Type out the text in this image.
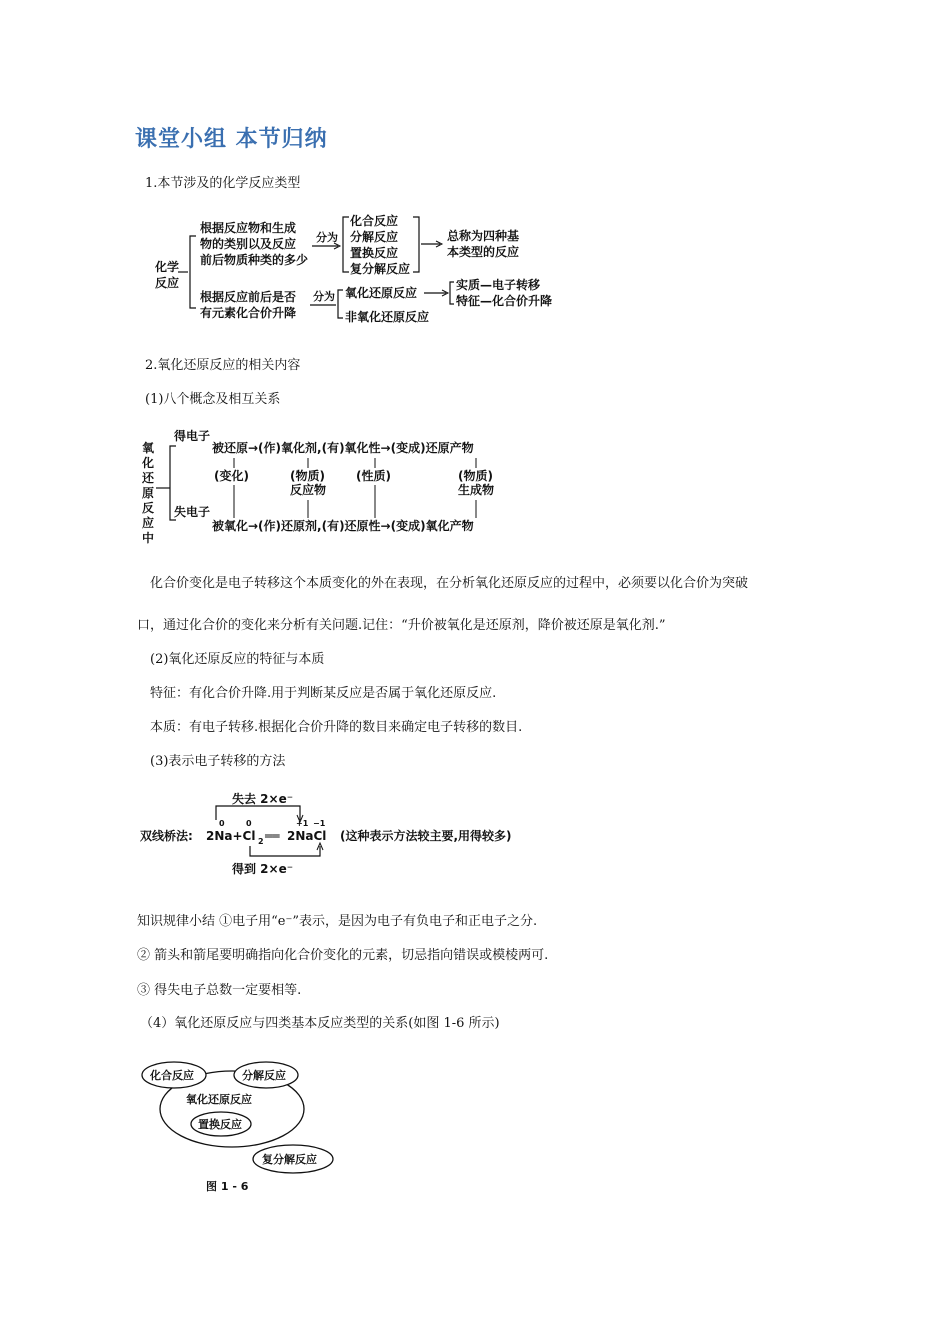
课堂小组 本节归纳
1.本节涉及的化学反应类型
化学
反应
根据反应物和生成
物的类别以及反应
前后物质种类的多少
分为
化合反应
分解反应
置换反应
复分解反应
总称为四种基
本类型的反应
根据反应前后是否
有元素化合价升降
分为 氧化还原反应
非氧化还原反应
实质—电子转移
特征—化合价升降
氧
化
还
原
反
应
中
得电子
失电子
被还原→(作)氧化剂,(有)氧化性→(变成)还原产物
被氧化→(作)还原剂,(有)还原性→(变成)氧化产物
(变化)	(物质)
反应物
(性质)	(物质)
生成物
失去 2×e⁻
0	0	+1 −1
双线桥法: 2Na+Cl 2 ══ 2NaCl (这种表示方法较主要,用得较多)
得到 2×e⁻
化合反应	分解反应
氧化还原反应
置换反应
复分解反应
图 1 - 6
2.氧化还原反应的相关内容
(1)八个概念及相互关系
化合价变化是电子转移这个本质变化的外在表现，在分析氧化还原反应的过程中，必须要以化合价为突破
口，通过化合价的变化来分析有关问题.记住：“升价被氧化是还原剂，降价被还原是氧化剂.”
(2)氧化还原反应的特征与本质
特征：有化合价升降.用于判断某反应是否属于氧化还原反应.
本质：有电子转移.根据化合价升降的数目来确定电子转移的数目.
(3)表示电子转移的方法
知识规律小结 ①电子用“e⁻”表示，是因为电子有负电子和正电子之分.
② 箭头和箭尾要明确指向化合价变化的元素，切忌指向错误或模棱两可.
③ 得失电子总数一定要相等.
（4）氧化还原反应与四类基本反应类型的关系(如图 1-6 所示)
